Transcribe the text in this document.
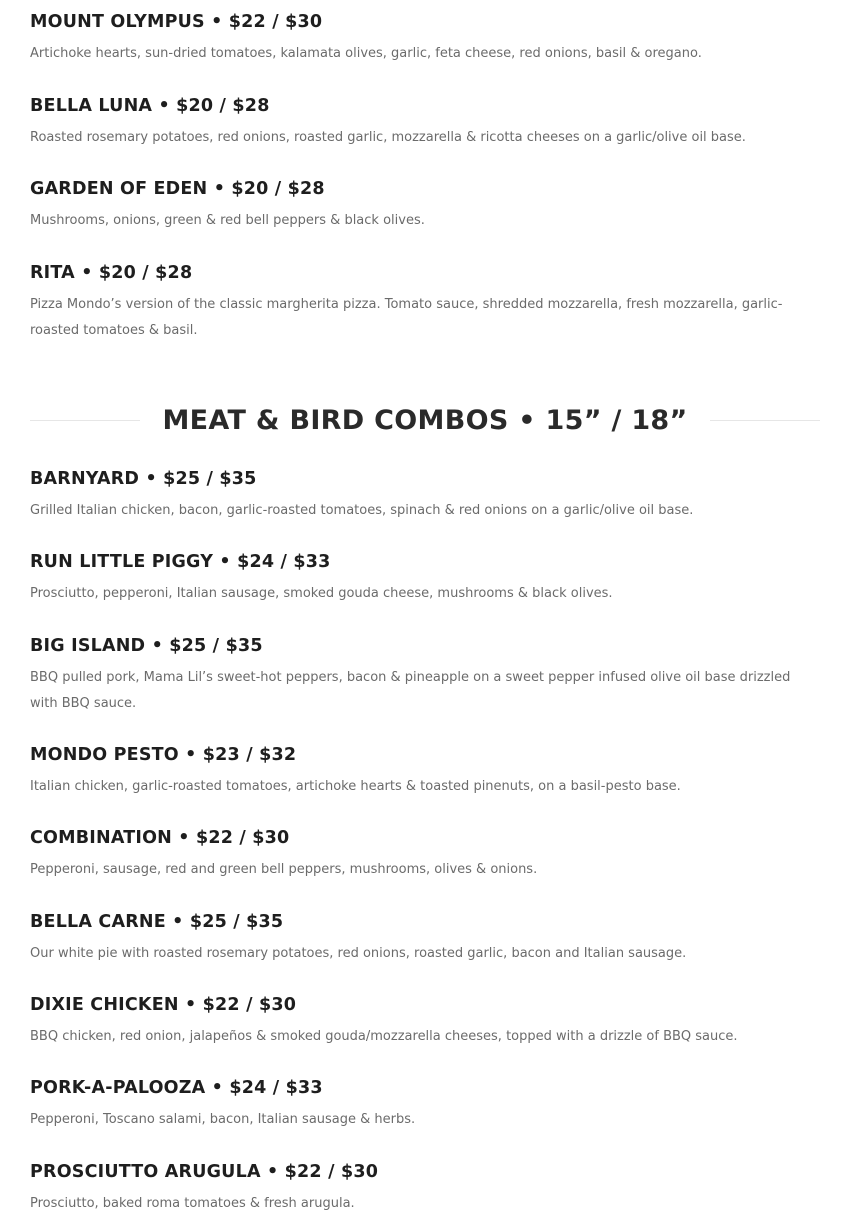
MOUNT OLYMPUS • $22 / $30

Artichoke hearts, sun-dried tomatoes, kalamata olives, garlic, feta cheese, red onions, basil & oregano.

BELLA LUNA • $20 / $28

Roasted rosemary potatoes, red onions, roasted garlic, mozzarella & ricotta cheeses on a garlic/olive oil base.

GARDEN OF EDEN • $20 / $28

Mushrooms, onions, green & red bell peppers & black olives.

RITA • $20 / $28

Pizza Mondo’s version of the classic margherita pizza. Tomato sauce, shredded mozzarella, fresh mozzarella, garlic-roasted tomatoes & basil.

MEAT & BIRD COMBOS • 15” / 18”
BARNYARD • $25 / $35

Grilled Italian chicken, bacon, garlic-roasted tomatoes, spinach & red onions on a garlic/olive oil base.

RUN LITTLE PIGGY • $24 / $33

Prosciutto, pepperoni, Italian sausage, smoked gouda cheese, mushrooms & black olives.

BIG ISLAND • $25 / $35

BBQ pulled pork, Mama Lil’s sweet-hot peppers, bacon & pineapple on a sweet pepper infused olive oil base drizzled with BBQ sauce.

MONDO PESTO • $23 / $32

Italian chicken, garlic-roasted tomatoes, artichoke hearts & toasted pinenuts, on a basil-pesto base.

COMBINATION • $22 / $30

Pepperoni, sausage, red and green bell peppers, mushrooms, olives & onions.

BELLA CARNE • $25 / $35

Our white pie with roasted rosemary potatoes, red onions, roasted garlic, bacon and Italian sausage.

DIXIE CHICKEN • $22 / $30

BBQ chicken, red onion, jalapeños & smoked gouda/mozzarella cheeses, topped with a drizzle of BBQ sauce.

PORK-A-PALOOZA • $24 / $33

Pepperoni, Toscano salami, bacon, Italian sausage & herbs.

PROSCIUTTO ARUGULA • $22 / $30

Prosciutto, baked roma tomatoes & fresh arugula.
